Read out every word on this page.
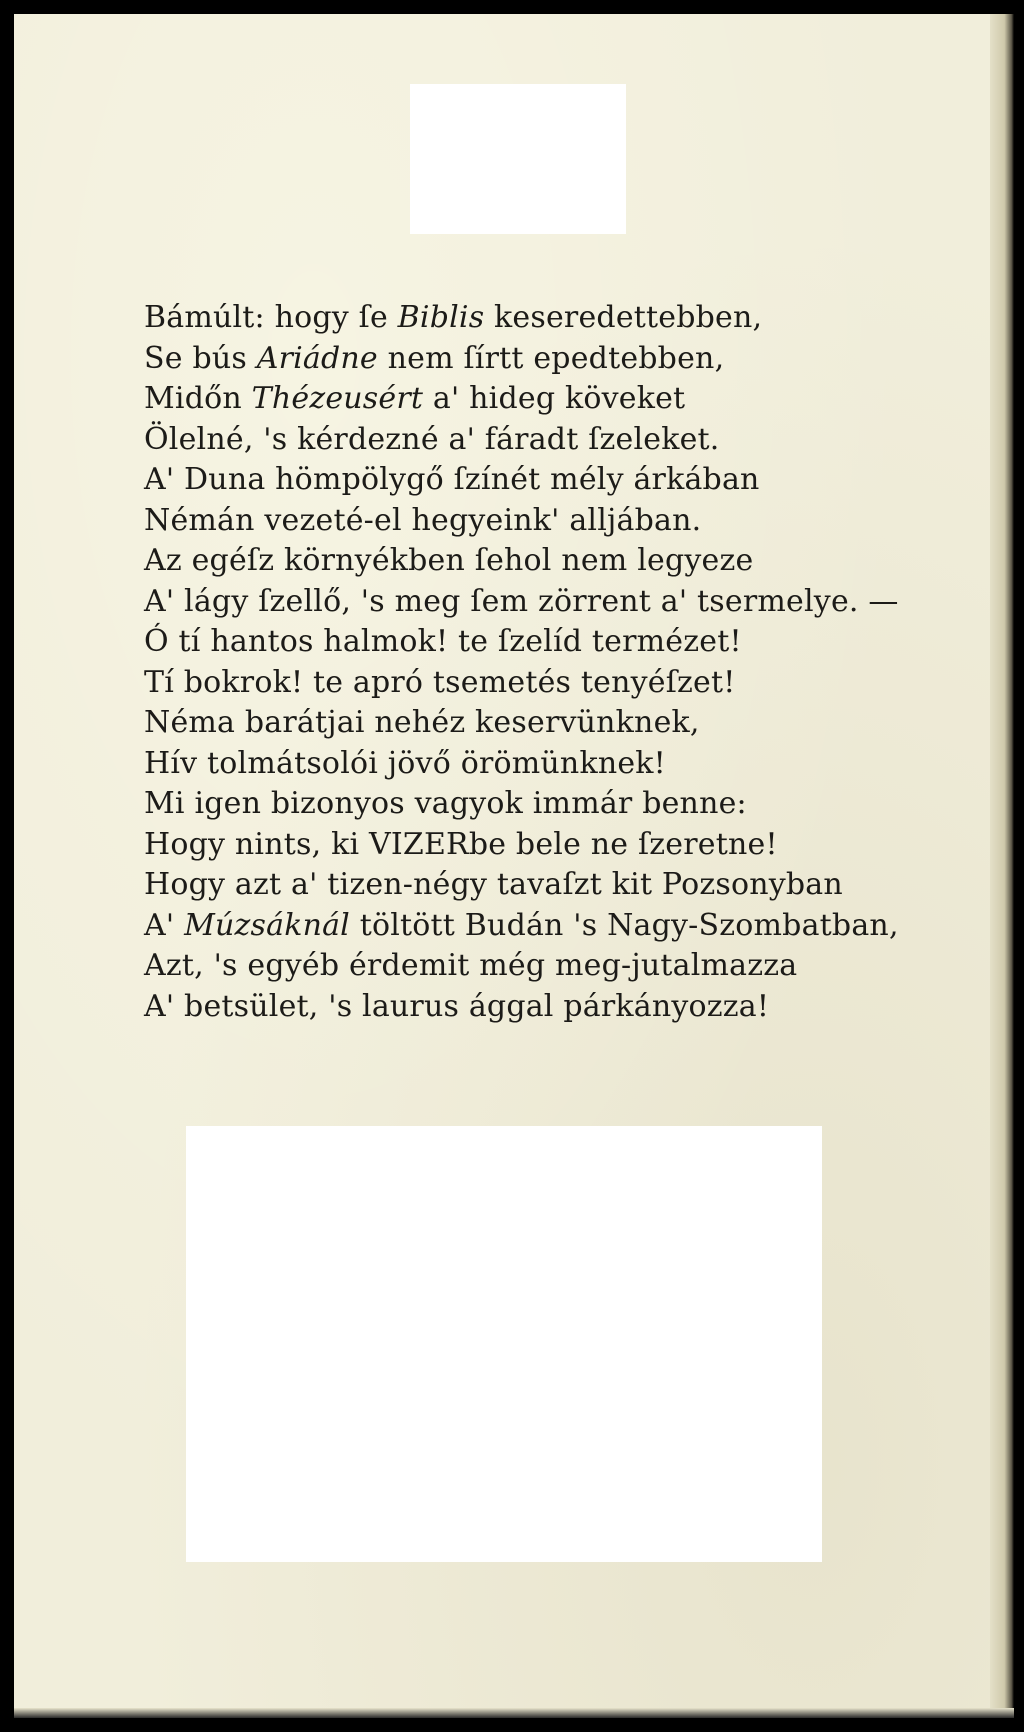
Bámúlt: hogy ſe Biblis keseredettebben,
Se bús Ariádne nem ſírtt epedtebben,
Midőn Thézeusért a' hideg köveket
Ölelné, 's kérdezné a' fáradt ſzeleket.
A' Duna hömpölygő ſzínét mély árkában
Némán vezeté-el hegyeink' alljában.
Az egéſz környékben ſehol nem legyeze
A' lágy ſzellő, 's meg ſem zörrent a' tsermelye. —
Ó tí hantos halmok! te ſzelíd termézet!
Tí bokrok! te apró tsemetés tenyéſzet!
Néma barátjai nehéz keservünknek,
Hív tolmátsolói jövő örömünknek!
Mi igen bizonyos vagyok immár benne:
Hogy nints, ki VIZERbe bele ne ſzeretne!
Hogy azt a' tizen-négy tavaſzt kit Pozsonyban
A' Múzsáknál töltött Budán 's Nagy-Szombatban,
Azt, 's egyéb érdemit még meg-jutalmazza
A' betsület, 's laurus ággal párkányozza!
